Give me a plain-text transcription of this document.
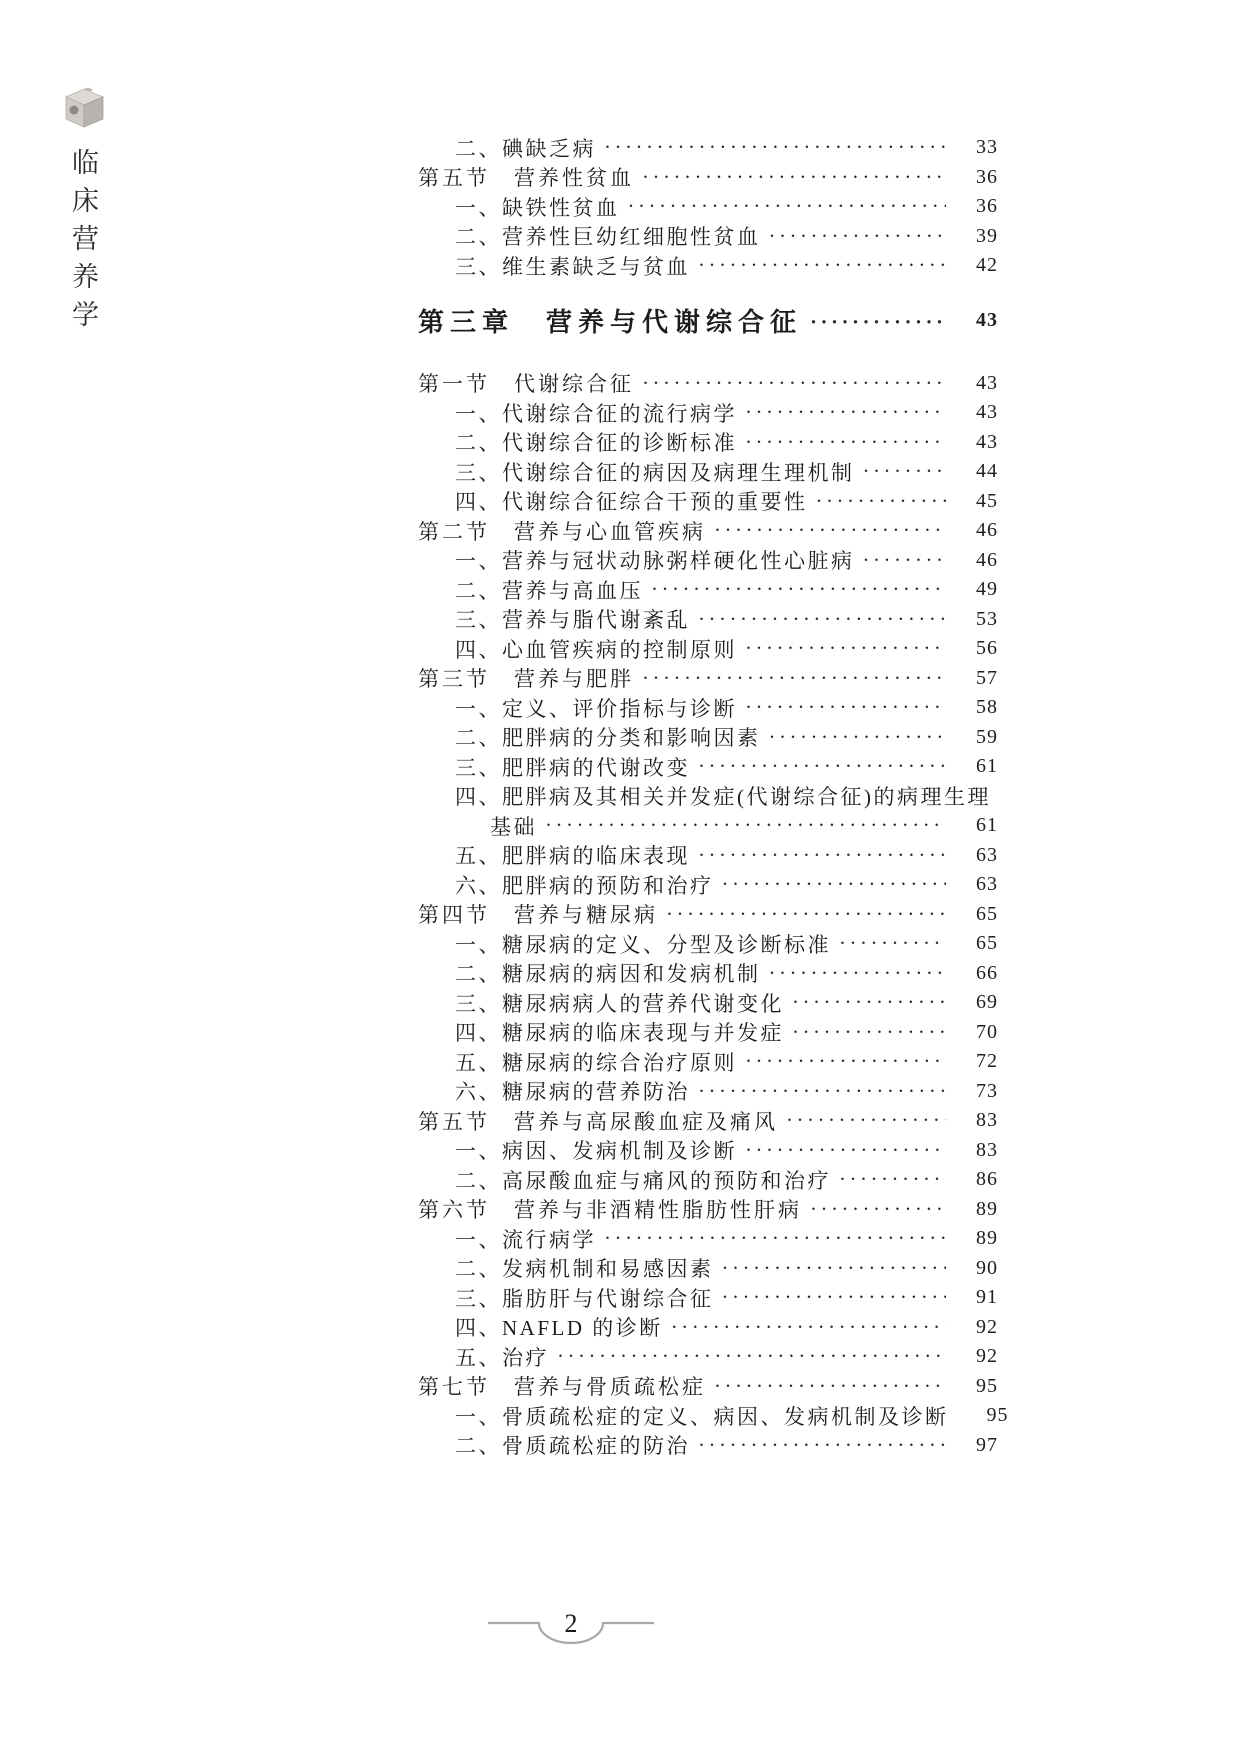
临床营养学	二、碘缺乏病 ·····	33
第五节　营养性贫血 ·····	36
一、缺铁性贫血 ·····	36
二、营养性巨幼红细胞性贫血 ·····	39
三、维生素缺乏与贫血 ·····	42
第三章　营养与代谢综合征 ·····	43
第一节　代谢综合征 ·····	43
一、代谢综合征的流行病学 ·····	43
二、代谢综合征的诊断标准 ·····	43
三、代谢综合征的病因及病理生理机制 ·····	44
四、代谢综合征综合干预的重要性 ·····	45
第二节　营养与心血管疾病 ·····	46
一、营养与冠状动脉粥样硬化性心脏病 ·····	46
二、营养与高血压 ·····	49
三、营养与脂代谢紊乱 ·····	53
四、心血管疾病的控制原则 ·····	56
第三节　营养与肥胖 ·····	57
一、定义、评价指标与诊断 ·····	58
二、肥胖病的分类和影响因素 ·····	59
三、肥胖病的代谢改变 ·····	61
四、肥胖病及其相关并发症(代谢综合征)的病理生理
基础 ·····	61
五、肥胖病的临床表现 ·····	63
六、肥胖病的预防和治疗 ·····	63
第四节　营养与糖尿病 ·····	65
一、糖尿病的定义、分型及诊断标准 ·····	65
二、糖尿病的病因和发病机制 ·····	66
三、糖尿病病人的营养代谢变化 ·····	69
四、糖尿病的临床表现与并发症 ·····	70
五、糖尿病的综合治疗原则 ·····	72
六、糖尿病的营养防治 ·····	73
第五节　营养与高尿酸血症及痛风 ·····	83
一、病因、发病机制及诊断 ·····	83
二、高尿酸血症与痛风的预防和治疗 ·····	86
第六节　营养与非酒精性脂肪性肝病 ·····	89
一、流行病学 ·····	89
二、发病机制和易感因素 ·····	90
三、脂肪肝与代谢综合征 ·····	91
四、NAFLD 的诊断 ·····	92
五、治疗 ·····	92
第七节　营养与骨质疏松症 ·····	95
一、骨质疏松症的定义、病因、发病机制及诊断	95
二、骨质疏松症的防治 ·····	97
2
